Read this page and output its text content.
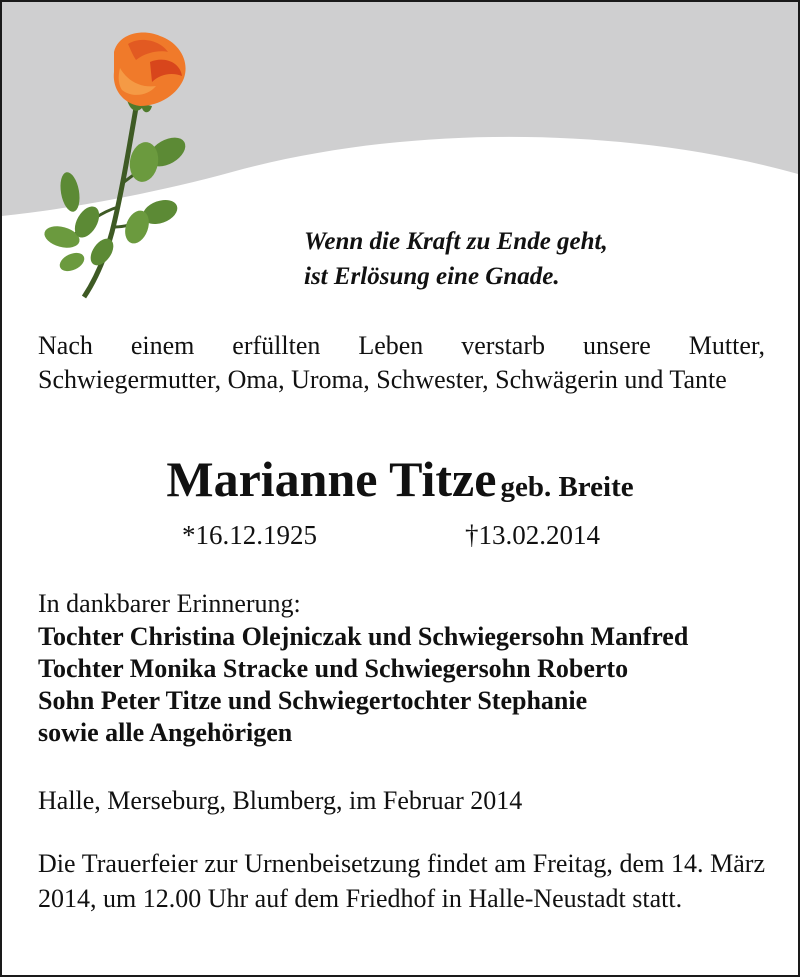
Wenn die Kraft zu Ende geht,
ist Erlösung eine Gnade.
Nach einem erfüllten Leben verstarb unsere Mutter, Schwiegermutter, Oma, Uroma, Schwester, Schwägerin und Tante
Marianne Titze geb. Breite
*16.12.1925	†13.02.2014
In dankbarer Erinnerung:
Tochter Christina Olejniczak und Schwiegersohn Manfred
Tochter Monika Stracke und Schwiegersohn Roberto
Sohn Peter Titze und Schwiegertochter Stephanie
sowie alle Angehörigen
Halle, Merseburg, Blumberg, im Februar 2014
Die Trauerfeier zur Urnenbeisetzung findet am Freitag, dem 14. März 2014, um 12.00 Uhr auf dem Friedhof in Halle-Neustadt statt.
